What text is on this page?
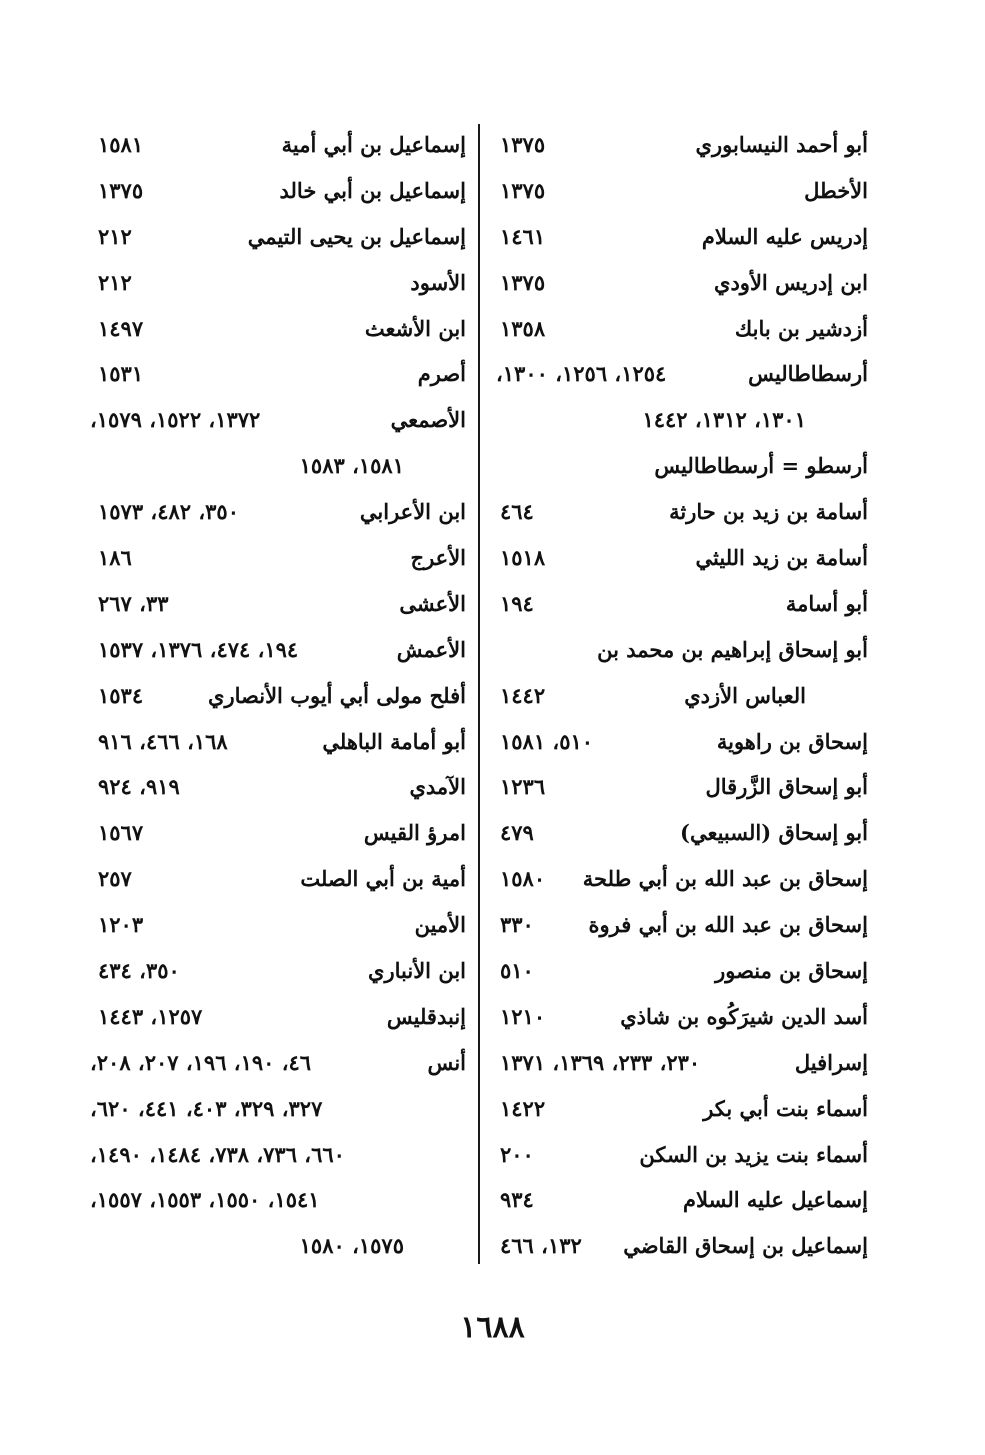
أبو أحمد النيسابوري
١٣٧٥
الأخطل
١٣٧٥
إدريس عليه السلام
١٤٦١
ابن إدريس الأودي
١٣٧٥
أزدشير بن بابك
١٣٥٨
أرسطاطاليس
١٢٥٤، ١٢٥٦، ١٣٠٠،
١٣٠١، ١٣١٢، ١٤٤٢
أرسطو = أرسطاطاليس
أسامة بن زيد بن حارثة
٤٦٤
أسامة بن زيد الليثي
١٥١٨
أبو أسامة
١٩٤
أبو إسحاق إبراهيم بن محمد بن
العباس الأزدي
١٤٤٢
إسحاق بن راهوية
٥١٠، ١٥٨١
أبو إسحاق الزَّرقال
١٢٣٦
أبو إسحاق (السبيعي)
٤٧٩
إسحاق بن عبد الله بن أبي طلحة
١٥٨٠
إسحاق بن عبد الله بن أبي فروة
٣٣٠
إسحاق بن منصور
٥١٠
أسد الدين شيرَكُوه بن شاذي
١٢١٠
إسرافيل
٢٣٠، ٢٣٣، ١٣٦٩، ١٣٧١
أسماء بنت أبي بكر
١٤٢٢
أسماء بنت يزيد بن السكن
٢٠٠
إسماعيل عليه السلام
٩٣٤
إسماعيل بن إسحاق القاضي
١٣٢، ٤٦٦
إسماعيل بن أبي أمية
١٥٨١
إسماعيل بن أبي خالد
١٣٧٥
إسماعيل بن يحيى التيمي
٢١٢
الأسود
٢١٢
ابن الأشعث
١٤٩٧
أصرم
١٥٣١
الأصمعي
١٣٧٢، ١٥٢٢، ١٥٧٩،
١٥٨١، ١٥٨٣
ابن الأعرابي
٣٥٠، ٤٨٢، ١٥٧٣
الأعرج
١٨٦
الأعشى
٣٣، ٢٦٧
الأعمش
١٩٤، ٤٧٤، ١٣٧٦، ١٥٣٧
أفلح مولى أبي أيوب الأنصاري
١٥٣٤
أبو أمامة الباهلي
١٦٨، ٤٦٦، ٩١٦
الآمدي
٩١٩، ٩٢٤
امرؤ القيس
١٥٦٧
أمية بن أبي الصلت
٢٥٧
الأمين
١٢٠٣
ابن الأنباري
٣٥٠، ٤٣٤
إنبدقليس
١٢٥٧، ١٤٤٣
أنس
٤٦، ١٩٠، ١٩٦، ٢٠٧، ٢٠٨،
٣٢٧، ٣٢٩، ٤٠٣، ٤٤١، ٦٢٠،
٦٦٠، ٧٣٦، ٧٣٨، ١٤٨٤، ١٤٩٠،
١٥٤١، ١٥٥٠، ١٥٥٣، ١٥٥٧،
١٥٧٥، ١٥٨٠
١٦٨٨
